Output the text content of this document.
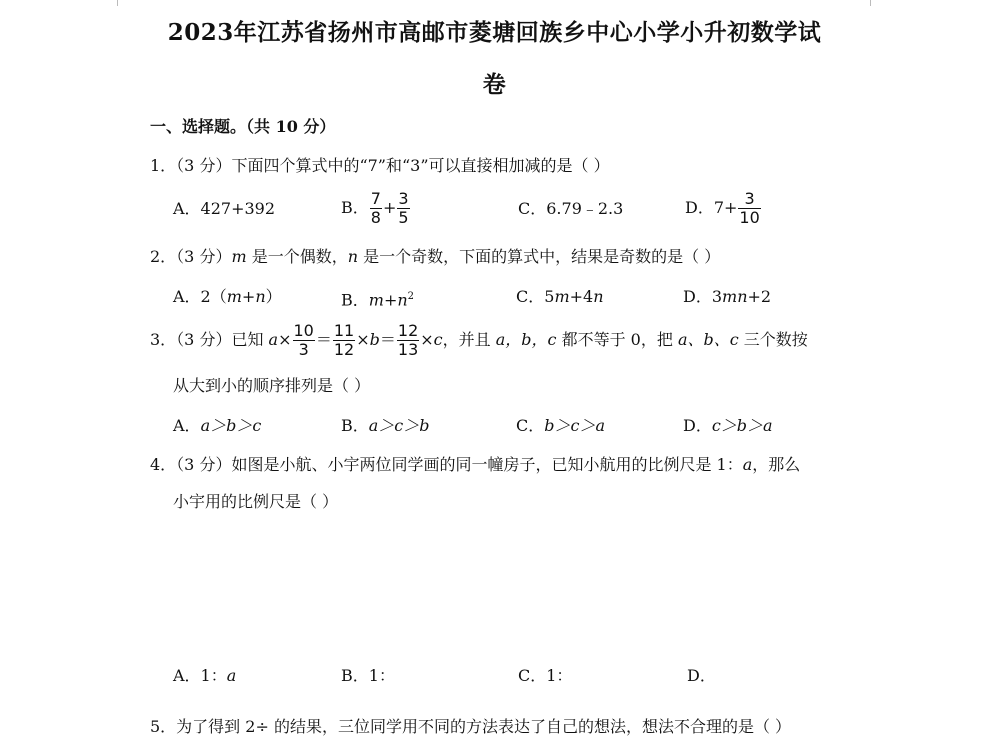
2023年江苏省扬州市高邮市菱塘回族乡中心小学小升初数学试
卷
一、选择题。（共 10 分）
1．（3 分）下面四个算式中的“7”和“3”可以直接相加减的是（ ）
A．427+392	B． $\frac{7}{8} + \frac{3}{5}$	C．6.79﹣2.3	D．$7+ \frac{3}{10}$
2．（3 分）m 是一个偶数，n 是一个奇数，下面的算式中，结果是奇数的是（ ）
A．2（m+n）	B．$m+n^2$	C．5m+4n	D．3mn+2
3．（3 分）已知 $a\times \frac{10}{3} = \frac{11}{12} \times b= \frac{12}{13} \times c$，并且 a，b，c 都不等于 0，把 a、b、c 三个数按
从大到小的顺序排列是（ ）
A．a＞b＞c	B．a＞c＞b	C．b＞c＞a	D．c＞b＞a
4．（3 分）如图是小航、小宇两位同学画的同一幢房子，已知小航用的比例尺是 1：a，那么
小宇用的比例尺是（ ）
A．1：a	B．1：	C．1：	D．
5．为了得到 2÷ 的结果，三位同学用不同的方法表达了自己的想法，想法不合理的是（ ）
